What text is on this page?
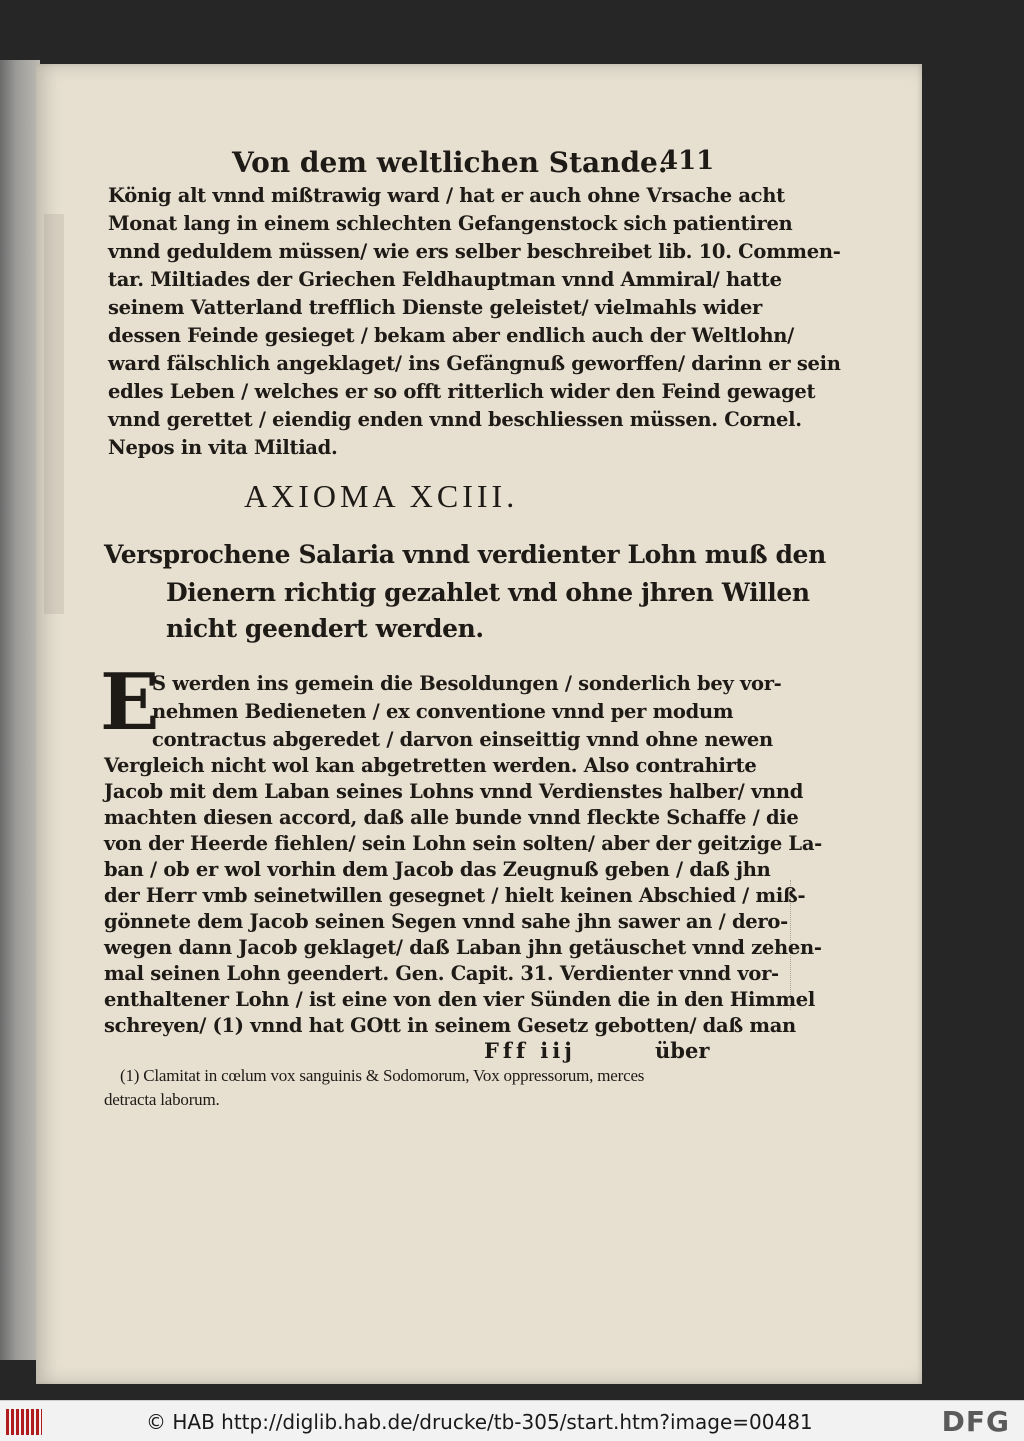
Von dem weltlichen Stande.
411
König alt vnnd mißtrawig ward / hat er auch ohne Vrsache acht
Monat lang in einem schlechten Gefangenstock sich patientiren
vnnd geduldem müssen/ wie ers selber beschreibet lib. 10. Commen-
tar. Miltiades der Griechen Feldhauptman vnnd Ammiral/ hatte
seinem Vatterland trefflich Dienste geleistet/ vielmahls wider
dessen Feinde gesieget / bekam aber endlich auch der Weltlohn/
ward fälschlich angeklaget/ ins Gefängnuß geworffen/ darinn er sein
edles Leben / welches er so offt ritterlich wider den Feind gewaget
vnnd gerettet / eiendig enden vnnd beschliessen müssen. Cornel.
Nepos in vita Miltiad.
AXIOMA XCIII.
Versprochene Salaria vnnd verdienter Lohn muß den
Dienern richtig gezahlet vnd ohne jhren Willen
nicht geendert werden.
E
S werden ins gemein die Besoldungen / sonderlich bey vor-
nehmen Bedieneten / ex conventione vnnd per modum
contractus abgeredet / darvon einseittig vnnd ohne newen
Vergleich nicht wol kan abgetretten werden. Also contrahirte
Jacob mit dem Laban seines Lohns vnnd Verdienstes halber/ vnnd
machten diesen accord, daß alle bunde vnnd fleckte Schaffe / die
von der Heerde fiehlen/ sein Lohn sein solten/ aber der geitzige La-
ban / ob er wol vorhin dem Jacob das Zeugnuß geben / daß jhn
der Herr vmb seinetwillen gesegnet / hielt keinen Abschied / miß-
gönnete dem Jacob seinen Segen vnnd sahe jhn sawer an / dero-
wegen dann Jacob geklaget/ daß Laban jhn getäuschet vnnd zehen-
mal seinen Lohn geendert. Gen. Capit. 31. Verdienter vnnd vor-
enthaltener Lohn / ist eine von den vier Sünden die in den Himmel
Fff iij	über
(1) Clamitat in cœlum vox sanguinis & Sodomorum, Vox oppressorum, merces
detracta laborum.
© HAB http://diglib.hab.de/drucke/tb-305/start.htm?image=00481	DFG
schreyen/ (1) vnnd hat GOtt in seinem Gesetz gebotten/ daß man
